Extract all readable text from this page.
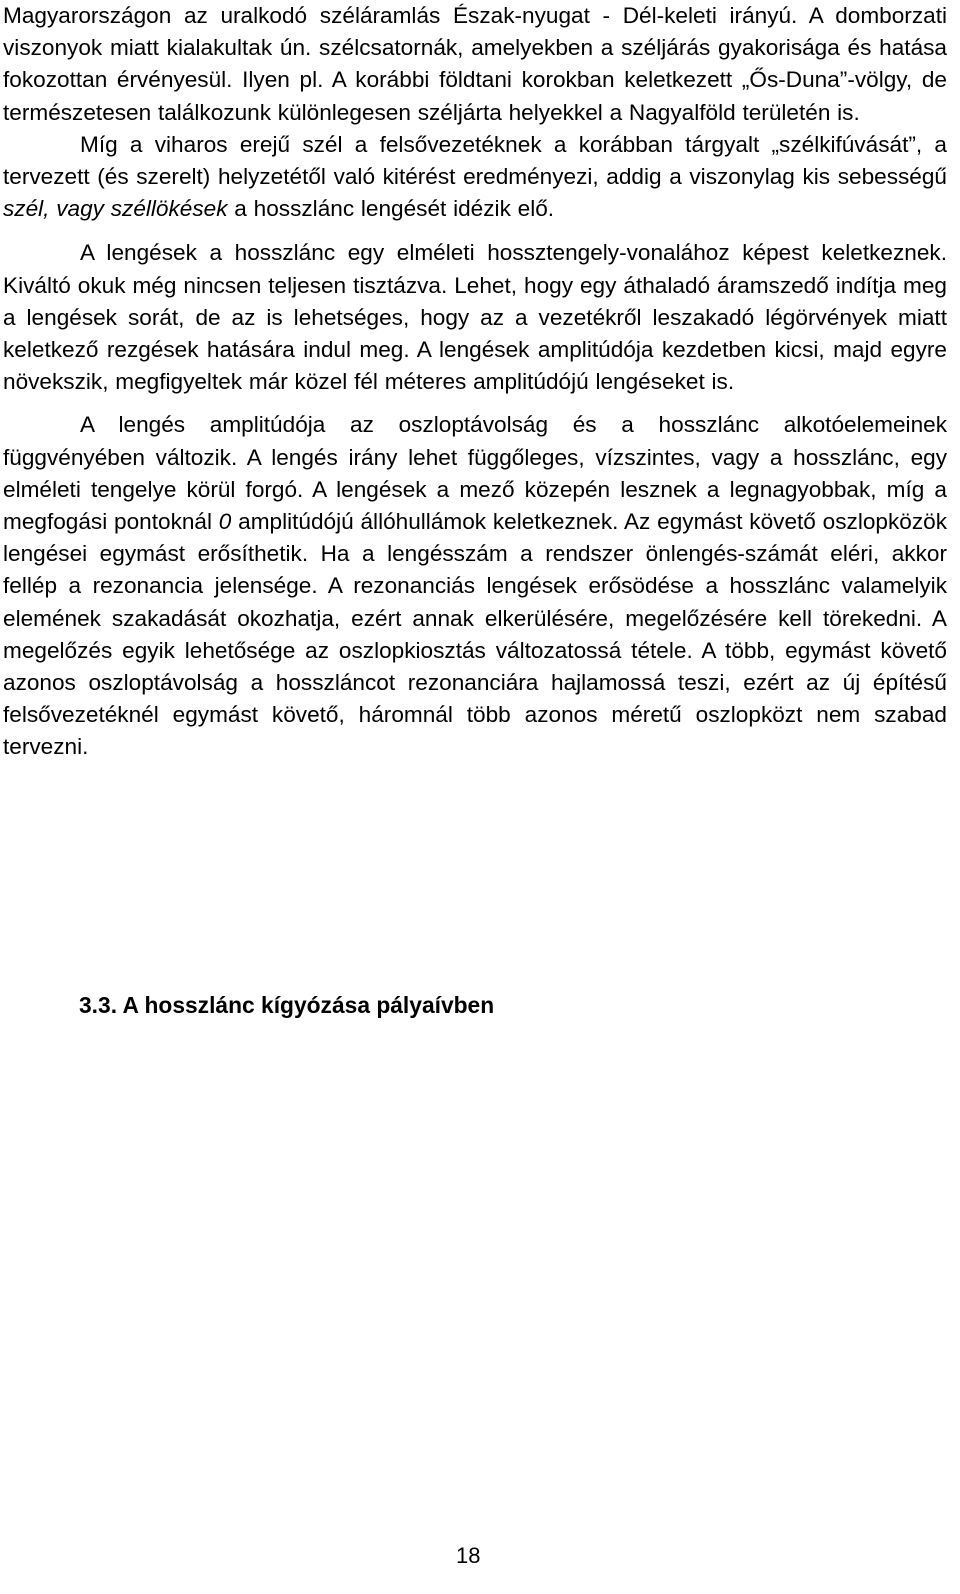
Magyarországon az uralkodó széláramlás Észak-nyugat - Dél-keleti irányú. A domborzati viszonyok miatt kialakultak ún. szélcsatornák, amelyekben a széljárás gyakorisága és hatása fokozottan érvényesül. Ilyen pl. A korábbi földtani korokban keletkezett „Ős-Duna”-völgy, de természetesen találkozunk különlegesen széljárta helyekkel a Nagyalföld területén is.

Míg a viharos erejű szél a felsővezetéknek a korábban tárgyalt „szélkifúvását”, a tervezett (és szerelt) helyzetétől való kitérést eredményezi, addig a viszonylag kis sebességű szél, vagy széllökések a hosszlánc lengését idézik elő.

A lengések a hosszlánc egy elméleti hossztengely-vonalához képest keletkeznek. Kiváltó okuk még nincsen teljesen tisztázva. Lehet, hogy egy áthaladó áramszedő indítja meg a lengések sorát, de az is lehetséges, hogy az a vezetékről leszakadó légörvények miatt keletkező rezgések hatására indul meg. A lengések amplitúdója kezdetben kicsi, majd egyre növekszik, megfigyeltek már közel fél méteres amplitúdójú lengéseket is.

A lengés amplitúdója az oszloptávolság és a hosszlánc alkotóelemeinek függvényében változik. A lengés irány lehet függőleges, vízszintes, vagy a hosszlánc, egy elméleti tengelye körül forgó. A lengések a mező közepén lesznek a legnagyobbak, míg a megfogási pontoknál 0 amplitúdójú állóhullámok keletkeznek. Az egymást követő oszlopközök lengései egymást erősíthetik. Ha a lengésszám a rendszer önlengés-számát eléri, akkor fellép a rezonancia jelensége. A rezonanciás lengések erősödése a hosszlánc valamelyik elemének szakadását okozhatja, ezért annak elkerülésére, megelőzésére kell törekedni. A megelőzés egyik lehetősége az oszlopkiosztás változatossá tétele. A több, egymást követő azonos oszloptávolság a hosszláncot rezonanciára hajlamossá teszi, ezért az új építésű felsővezetéknél egymást követő, háromnál több azonos méretű oszlopközt nem szabad tervezni.

3.3. A hosszlánc kígyózása pályaívben
18
